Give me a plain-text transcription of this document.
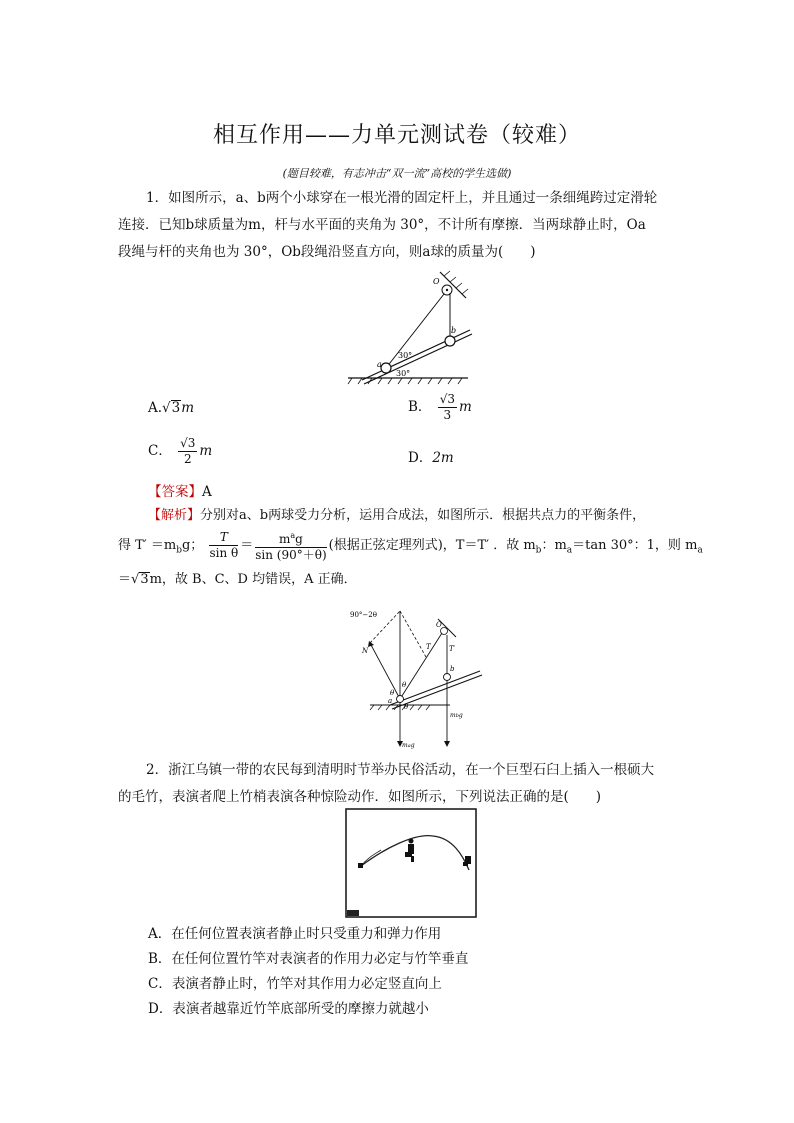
相互作用——力单元测试卷（较难）
(题目较难，有志冲击“双一流”高校的学生选做)
1．如图所示，a、b两个小球穿在一根光滑的固定杆上，并且通过一条细绳跨过定滑轮
连接．已知b球质量为m，杆与水平面的夹角为 30°，不计所有摩擦．当两球静止时，Oa
段绳与杆的夹角也为 30°，Ob段绳沿竖直方向，则a球的质量为(　　)
O
a
b
30°
30°
A.√3m	B． $\frac{√3}{3}$ m
C． $\frac{√3}{2}$ m	D．2m
【答案】A
【解析】分别对a、b两球受力分析，运用合成法，如图所示．根据共点力的平衡条件，
得 $T' =m_bg$； $\frac{T}{\text{sin θ}} = \frac{m^ag}{\sin (90^\circ+\theta)}$ (根据正弦定理列式)，T＝T′ ．故 $m_b$：$m_a=\tan$ 30°：1，则 $m_a$
＝√3m，故 B、C、D 均错误，A 正确．
90°−2θ
N	T	T′
O
θ
θ
θ
a
b
mag
mbg
2．浙江乌镇一带的农民每到清明时节举办民俗活动，在一个巨型石臼上插入一根硕大
的毛竹，表演者爬上竹梢表演各种惊险动作．如图所示，下列说法正确的是(　　)
A．在任何位置表演者静止时只受重力和弹力作用
B．在任何位置竹竿对表演者的作用力必定与竹竿垂直
C．表演者静止时，竹竿对其作用力必定竖直向上
D．表演者越靠近竹竿底部所受的摩擦力就越小
